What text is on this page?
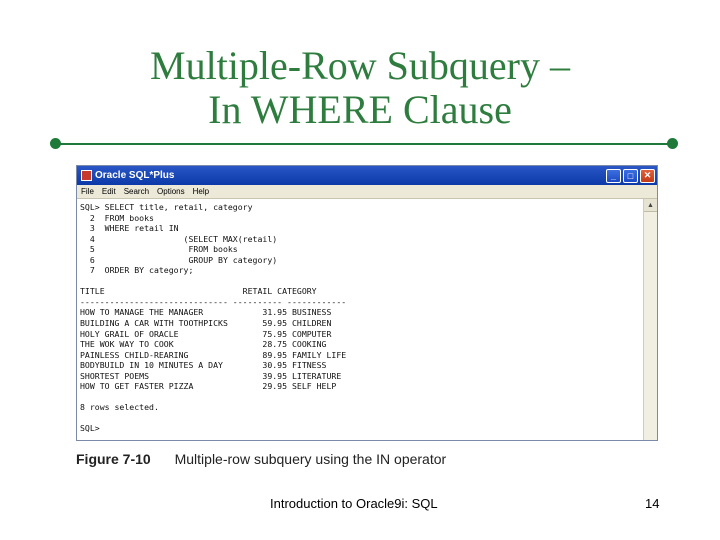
Multiple-Row Subquery –
In WHERE Clause
Oracle SQL*Plus	_	□	✕
File Edit Search Options Help
SQL> SELECT title, retail, category
2  FROM books
3  WHERE retail IN
4                  (SELECT MAX(retail)
5                   FROM books
6                   GROUP BY category)
7  ORDER BY category;

TITLE                            RETAIL CATEGORY
------------------------------ ---------- ------------
HOW TO MANAGE THE MANAGER            31.95 BUSINESS
BUILDING A CAR WITH TOOTHPICKS       59.95 CHILDREN
HOLY GRAIL OF ORACLE                 75.95 COMPUTER
THE WOK WAY TO COOK                  28.75 COOKING
PAINLESS CHILD-REARING               89.95 FAMILY LIFE
BODYBUILD IN 10 MINUTES A DAY        30.95 FITNESS
SHORTEST POEMS                       39.95 LITERATURE
HOW TO GET FASTER PIZZA              29.95 SELF HELP

8 rows selected.

SQL>
▲
Figure 7-10 Multiple-row subquery using the IN operator
Introduction to Oracle9i: SQL	14
